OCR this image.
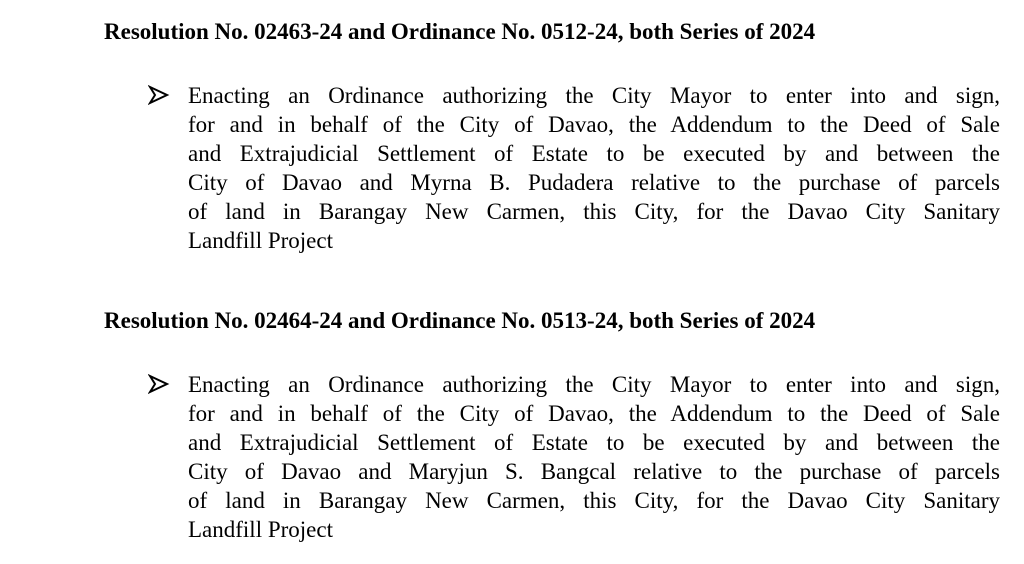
Resolution No. 02463-24 and Ordinance No. 0512-24, both Series of 2024
Enacting an Ordinance authorizing the City Mayor to enter into and sign,
for and in behalf of the City of Davao, the Addendum to the Deed of Sale
and Extrajudicial Settlement of Estate to be executed by and between the
City of Davao and Myrna B. Pudadera relative to the purchase of parcels
of land in Barangay New Carmen, this City, for the Davao City Sanitary
Landfill Project
Resolution No. 02464-24 and Ordinance No. 0513-24, both Series of 2024
Enacting an Ordinance authorizing the City Mayor to enter into and sign,
for and in behalf of the City of Davao, the Addendum to the Deed of Sale
and Extrajudicial Settlement of Estate to be executed by and between the
City of Davao and Maryjun S. Bangcal relative to the purchase of parcels
of land in Barangay New Carmen, this City, for the Davao City Sanitary
Landfill Project
